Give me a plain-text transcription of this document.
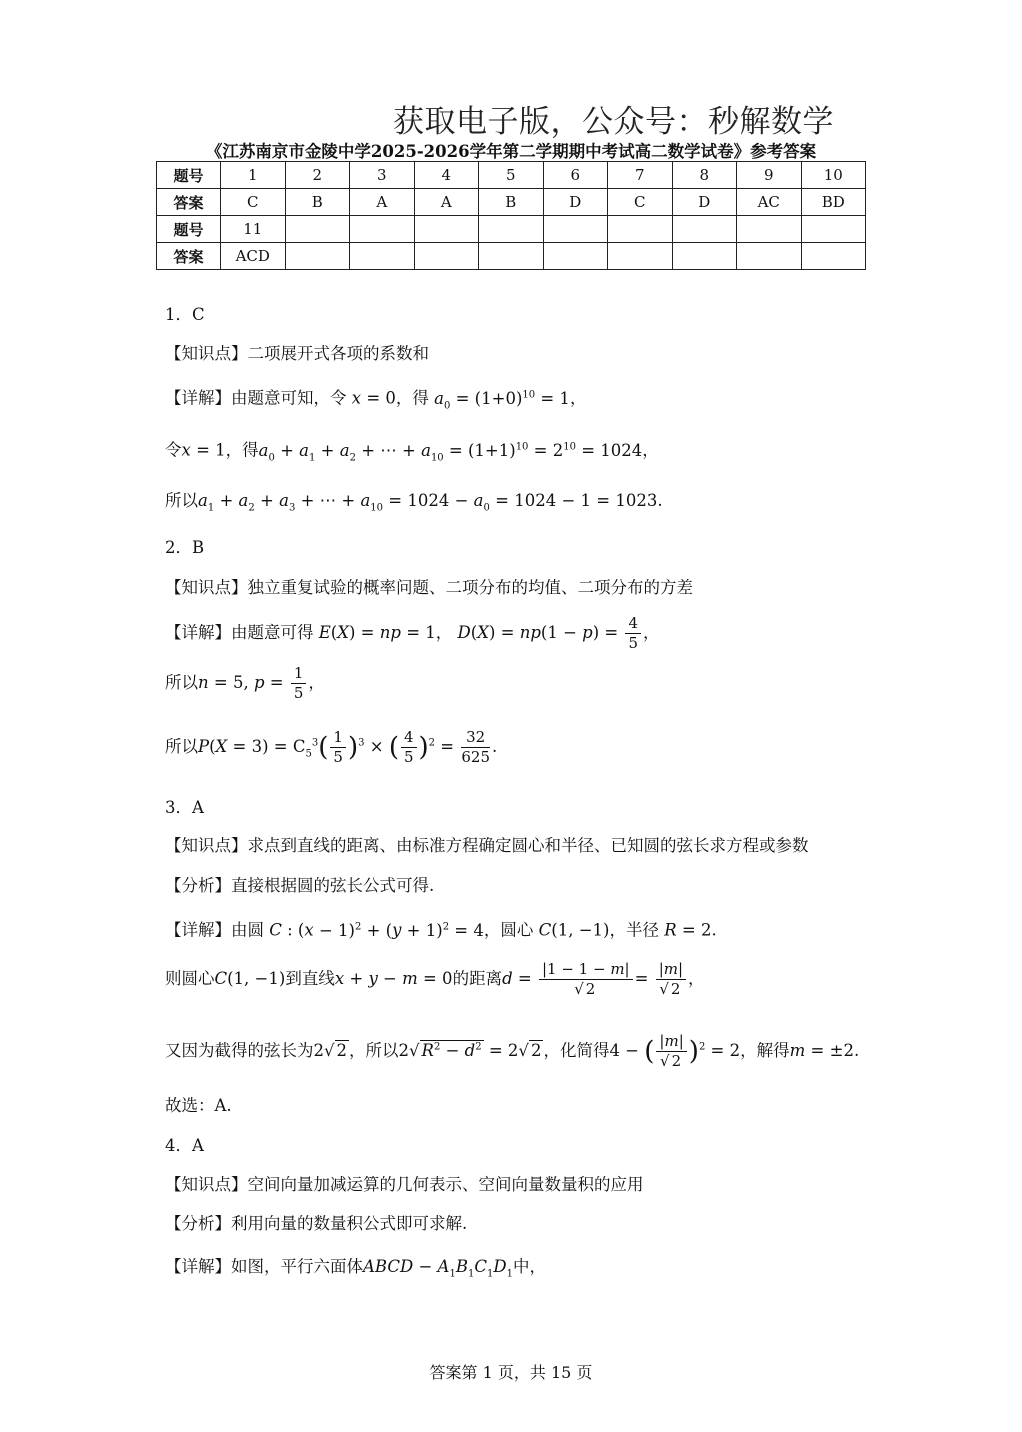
获取电子版，公众号：秒解数学
《江苏南京市金陵中学2025-2026学年第二学期期中考试高二数学试卷》参考答案
题号	1	2	3	4	5	6	7	8	9	10
答案	C	B	A	A	B	D	C	D	AC	BD
题号	11									
答案	ACD									
1．C
【知识点】二项展开式各项的系数和
【详解】由题意可知，令 x = 0，得 $a_0 = (1+0)^{10} = 1$，
令x = 1，得$a_0 + a_1 + a_2$ + ⋯ + $a_{10} = (1+1)^{10} = 2^{10} = 1024$，
所以$a_1 + a_2 + a_3$ + ⋯ + $a_{10} = 1024 - a_0 = 1024 - 1 = 1023$.
2．B
【知识点】独立重复试验的概率问题、二项分布的均值、二项分布的方差
【详解】由题意可得 E(X) = np = 1， $D(X) = np(1 - p) = \frac{4}{5}$ ，
所以n = 5, $p = \frac{1}{5}$ ，
所以$P(X = 3) = C_5^3( \frac{1}{5} )^3$ × ( $\frac{4}{5} )^2 = \frac{32}{625}$ .
3．A
【知识点】求点到直线的距离、由标准方程确定圆心和半径、已知圆的弦长求方程或参数
【分析】直接根据圆的弦长公式可得.
【详解】由圆 C : $(x - 1)^2 + (y + 1)^2 = 4$，圆心 C(1, −1)，半径 R = 2.
则圆心C(1, −1)到直线x + y − m = 0的距离$d = \frac{|1 - 1 - m|}{√ 2} = \frac{|m|}{√ 2}$ ，
又因为截得的弦长为2√ 2 ，所以2√ $R^2 - d^2 = 2√$ 2 ，化简得4 − ( $\frac{|m|}{√ 2} )^2 = 2$，解得m = ±2.
故选：A.
4．A
【知识点】空间向量加减运算的几何表示、空间向量数量积的应用
【分析】利用向量的数量积公式即可求解.
【详解】如图，平行六面体ABCD − $A_1B_1C_1D_1$中，
答案第 1 页，共 15 页
